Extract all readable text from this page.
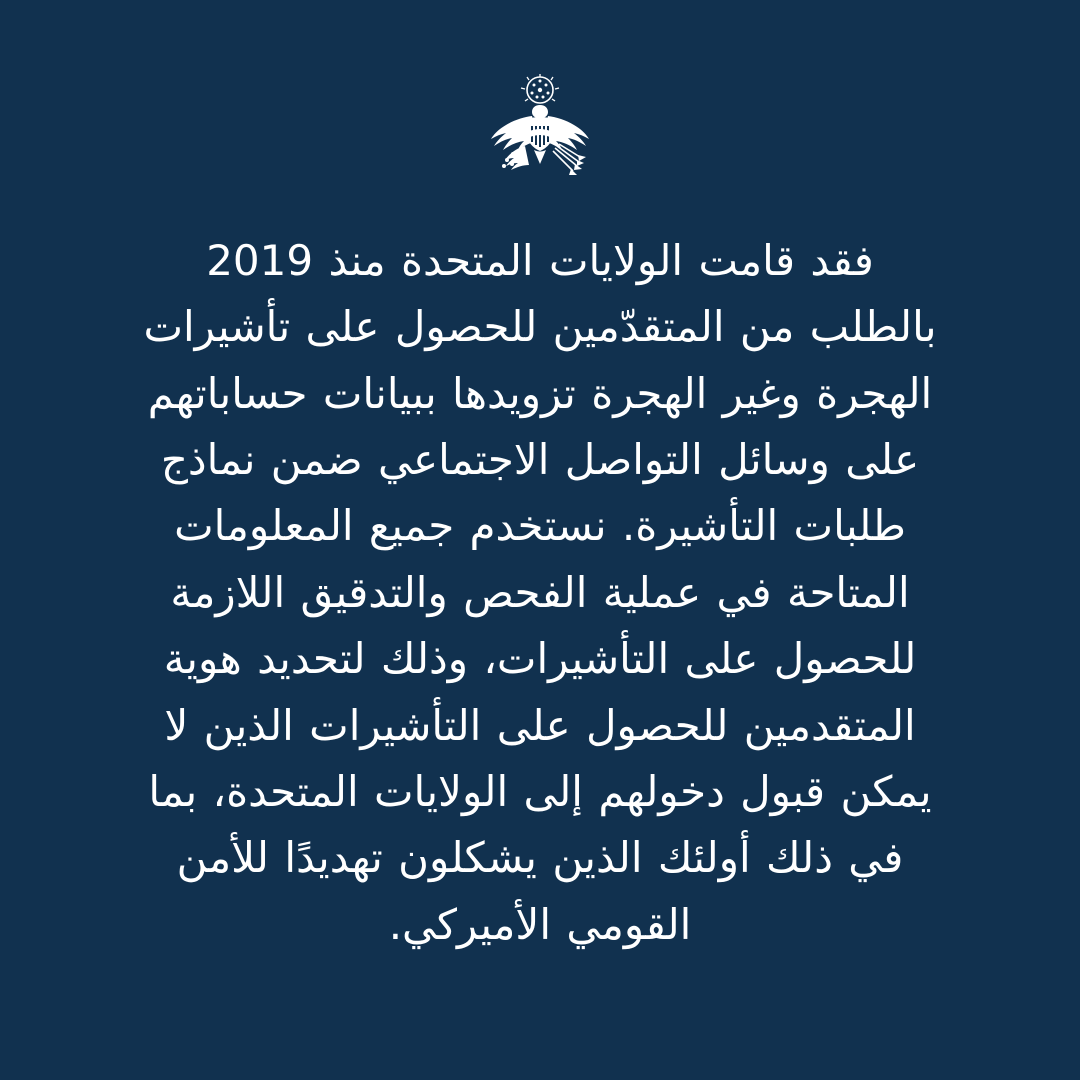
فقد قامت الولايات المتحدة منذ 2019 بالطلب من المتقدّمين للحصول على تأشيرات الهجرة وغير الهجرة تزويدها ببيانات حساباتهم على وسائل التواصل الاجتماعي ضمن نماذج طلبات التأشيرة. نستخدم جميع المعلومات المتاحة في عملية الفحص والتدقيق اللازمة للحصول على التأشيرات، وذلك لتحديد هوية المتقدمين للحصول على التأشيرات الذين لا يمكن قبول دخولهم إلى الولايات المتحدة، بما في ذلك أولئك الذين يشكلون تهديدًا للأمن القومي الأميركي.
